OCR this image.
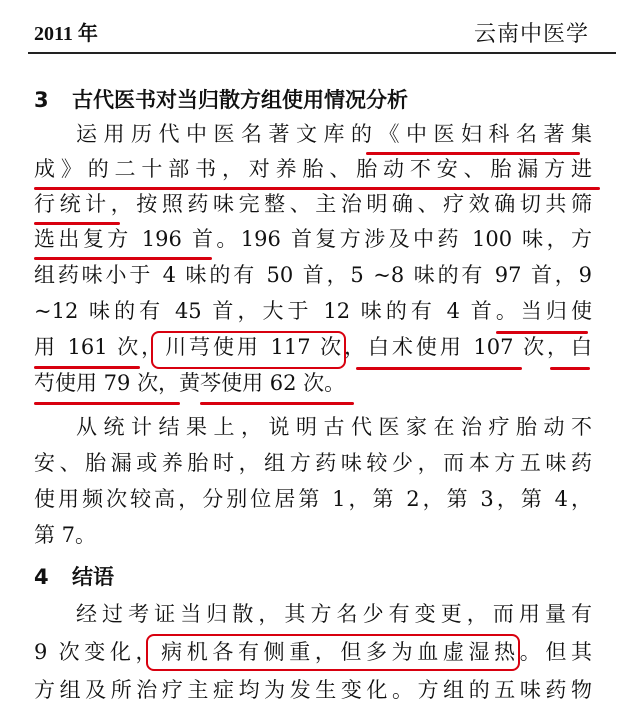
2011 年	云南中医学
3 古代医书对当归散方组使用情况分析
运用历代中医名著文库的《中医妇科名著集
成》的二十部书，对养胎、胎动不安、胎漏方进
行统计，按照药味完整、主治明确、疗效确切共筛
选出复方 196 首。196 首复方涉及中药 100 味，方
组药味小于 4 味的有 50 首，5 ~8 味的有 97 首，9
~12 味的有 45 首，大于 12 味的有 4 首。当归使
用 161 次，川芎使用 117 次，白术使用 107 次，白
芍使用 79 次，黄芩使用 62 次。
从统计结果上，说明古代医家在治疗胎动不
安、胎漏或养胎时，组方药味较少，而本方五味药
使用频次较高，分别位居第 1，第 2，第 3，第 4，
第 7。
4 结语
经过考证当归散，其方名少有变更，而用量有
9 次变化，病机各有侧重，但多为血虚湿热。但其
方组及所治疗主症均为发生变化。方组的五味药物
